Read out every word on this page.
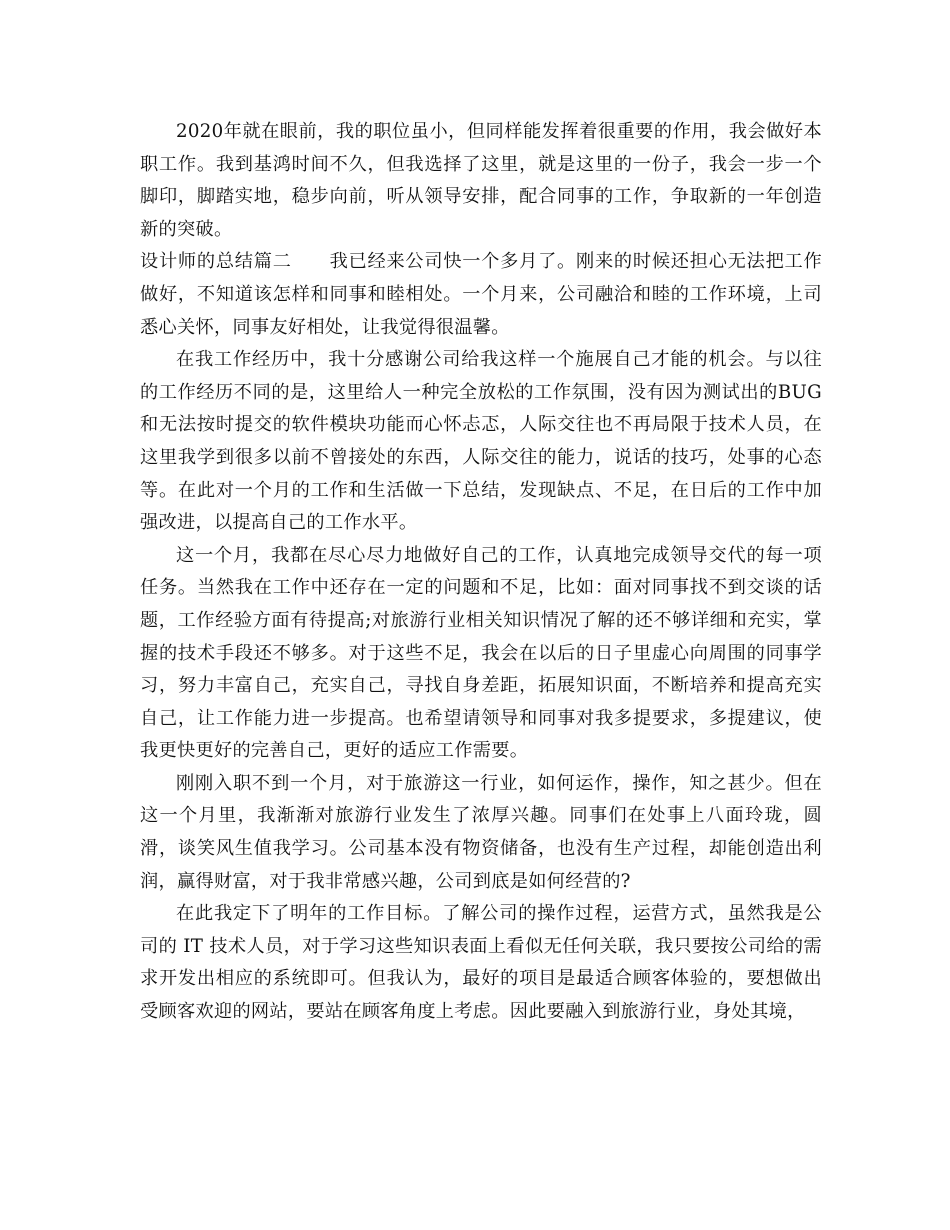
2020年就在眼前，我的职位虽小，但同样能发挥着很重要的作用，我会做好本职工作。我到基鸿时间不久，但我选择了这里，就是这里的一份子，我会一步一个脚印，脚踏实地，稳步向前，听从领导安排，配合同事的工作，争取新的一年创造新的突破。

设计师的总结篇二　　我已经来公司快一个多月了。刚来的时候还担心无法把工作做好，不知道该怎样和同事和睦相处。一个月来，公司融洽和睦的工作环境，上司悉心关怀，同事友好相处，让我觉得很温馨。

在我工作经历中，我十分感谢公司给我这样一个施展自己才能的机会。与以往的工作经历不同的是，这里给人一种完全放松的工作氛围，没有因为测试出的BUG和无法按时提交的软件模块功能而心怀忐忑，人际交往也不再局限于技术人员，在这里我学到很多以前不曾接处的东西，人际交往的能力，说话的技巧，处事的心态等。在此对一个月的工作和生活做一下总结，发现缺点、不足，在日后的工作中加强改进，以提高自己的工作水平。

这一个月，我都在尽心尽力地做好自己的工作，认真地完成领导交代的每一项任务。当然我在工作中还存在一定的问题和不足，比如：面对同事找不到交谈的话题，工作经验方面有待提高;对旅游行业相关知识情况了解的还不够详细和充实，掌握的技术手段还不够多。对于这些不足，我会在以后的日子里虚心向周围的同事学习，努力丰富自己，充实自己，寻找自身差距，拓展知识面，不断培养和提高充实自己，让工作能力进一步提高。也希望请领导和同事对我多提要求，多提建议，使我更快更好的完善自己，更好的适应工作需要。

刚刚入职不到一个月，对于旅游这一行业，如何运作，操作，知之甚少。但在这一个月里，我渐渐对旅游行业发生了浓厚兴趣。同事们在处事上八面玲珑，圆滑，谈笑风生值我学习。公司基本没有物资储备，也没有生产过程，却能创造出利润，赢得财富，对于我非常感兴趣，公司到底是如何经营的?

在此我定下了明年的工作目标。了解公司的操作过程，运营方式，虽然我是公司的 IT 技术人员，对于学习这些知识表面上看似无任何关联，我只要按公司给的需求开发出相应的系统即可。但我认为，最好的项目是最适合顾客体验的，要想做出受顾客欢迎的网站，要站在顾客角度上考虑。因此要融入到旅游行业，身处其境，
